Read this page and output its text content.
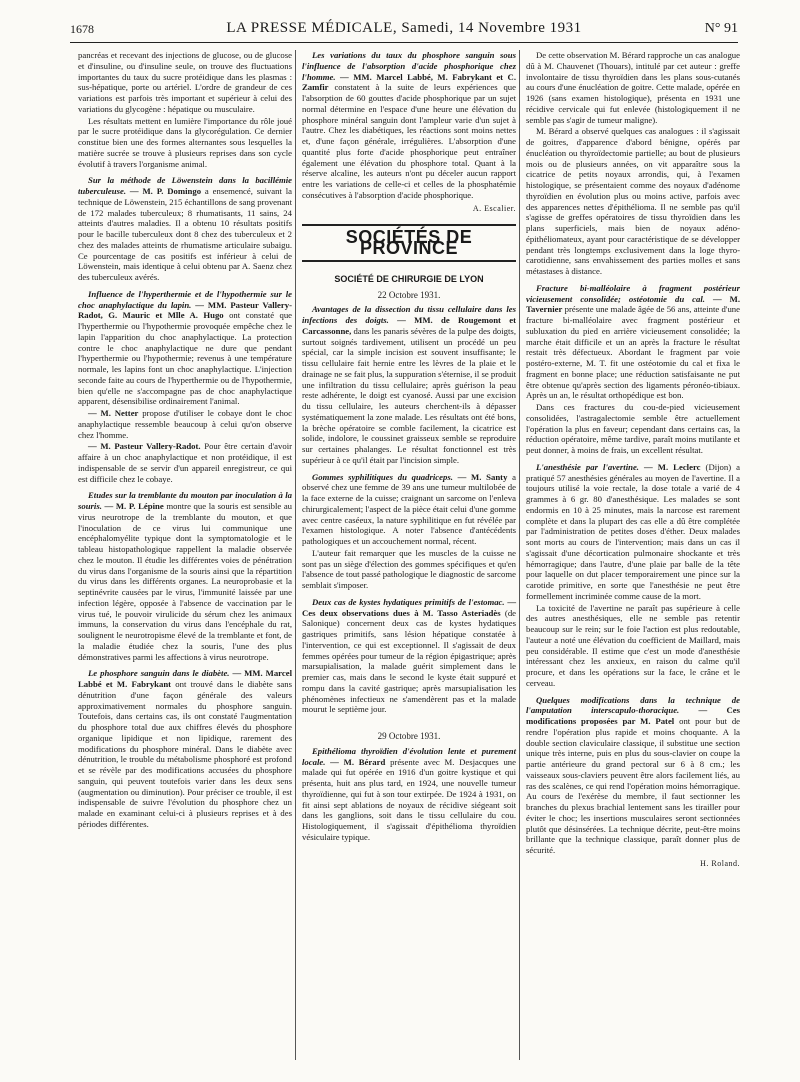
1678	LA PRESSE MÉDICALE, Samedi, 14 Novembre 1931	N° 91

pancréas et recevant des injections de glucose, ou de glucose et d'insuline, ou d'insuline seule, on trouve des fluctuations importantes du taux du sucre protéidique dans les plasmas : sus-hépatique, porte ou artériel. L'ordre de grandeur de ces variations est parfois très important et supérieur à celui des variations du glycogène : hépatique ou musculaire.

Les résultats mettent en lumière l'importance du rôle joué par le sucre protéidique dans la glycorégulation. Ce dernier constitue bien une des formes alternantes sous lesquelles la matière sucrée se trouve à plusieurs reprises dans son cycle évolutif à travers l'organisme animal.

Sur la méthode de Löwenstein dans la bacillémie tuberculeuse. — M. P. Domingo a ensemencé, suivant la technique de Löwenstein, 215 échantillons de sang provenant de 172 malades tuberculeux; 8 rhumatisants, 11 sains, 24 atteints d'autres maladies. Il a obtenu 10 résultats positifs pour le bacille tuberculeux dont 8 chez des tuberculeux et 2 chez des malades atteints de rhumatisme articulaire subaigu. Ce pourcentage de cas positifs est inférieur à celui de Löwenstein, mais identique à celui obtenu par A. Saenz chez des tuberculeux avérés.

Influence de l'hyperthermie et de l'hypothermie sur le choc anaphylactique du lapin. — MM. Pasteur Vallery-Radot, G. Mauric et Mlle A. Hugo ont constaté que l'hyperthermie ou l'hypothermie provoquée empêche chez le lapin l'apparition du choc anaphylactique. La protection contre le choc anaphylactique ne dure que pendant l'hyperthermie ou l'hypothermie; revenus à une température normale, les lapins font un choc anaphylactique. L'injection seconde faite au cours de l'hyperthermie ou de l'hypothermie, bien qu'elle ne s'accompagne pas de choc anaphylactique apparent, désensibilise ordinairement l'animal.

— M. Netter propose d'utiliser le cobaye dont le choc anaphylactique ressemble beaucoup à celui qu'on observe chez l'homme.

— M. Pasteur Vallery-Radot. Pour être certain d'avoir affaire à un choc anaphylactique et non protéidique, il est indispensable de se servir d'un appareil enregistreur, ce qui est difficile chez le cobaye.

Etudes sur la tremblante du mouton par inoculation à la souris. — M. P. Lépine montre que la souris est sensible au virus neurotrope de la tremblante du mouton, et que l'inoculation de ce virus lui communique une encéphalomyélite typique dont la symptomatologie et le tableau histopathologique rappellent la maladie observée chez le mouton. Il étudie les différentes voies de pénétration du virus dans l'organisme de la souris ainsi que la répartition du virus dans les différents organes. La neuroprobasie et la septinévrite causées par le virus, l'immunité laissée par une infection légère, opposée à l'absence de vaccination par le virus tué, le pouvoir virulicide du sérum chez les animaux immuns, la conservation du virus dans l'encéphale du rat, soulignent le neurotropisme élevé de la tremblante et font, de la maladie étudiée chez la souris, l'une des plus démonstratives parmi les affections à virus neurotrope.

Le phosphore sanguin dans le diabète. — MM. Marcel Labbé et M. Fabrykant ont trouvé dans le diabète sans dénutrition d'une façon générale des valeurs approximativement normales du phosphore sanguin. Toutefois, dans certains cas, ils ont constaté l'augmentation du phosphore total due aux chiffres élevés du phosphore organique lipidique et non lipidique, rarement des modifications du phosphore minéral. Dans le diabète avec dénutrition, le trouble du métabolisme phosphoré est profond et se révèle par des modifications accusées du phosphore sanguin, qui peuvent toutefois varier dans les deux sens (augmentation ou diminution). Pour préciser ce trouble, il est indispensable de suivre l'évolution du phosphore chez un malade en examinant celui-ci à plusieurs reprises et à des périodes différentes.

Les variations du taux du phosphore sanguin sous l'influence de l'absorption d'acide phosphorique chez l'homme. — MM. Marcel Labbé, M. Fabrykant et C. Zamfir constatent à la suite de leurs expériences que l'absorption de 60 gouttes d'acide phosphorique par un sujet normal détermine en l'espace d'une heure une élévation du phosphore minéral sanguin dont l'ampleur varie d'un sujet à l'autre. Chez les diabétiques, les réactions sont moins nettes et, d'une façon générale, irrégulières. L'absorption d'une quantité plus forte d'acide phosphorique peut entraîner également une élévation du phosphore total. Quant à la réserve alcaline, les auteurs n'ont pu déceler aucun rapport entre les variations de celle-ci et celles de la phosphatémie consécutives à l'absorption d'acide phosphorique.

A. Escalier.
SOCIÉTÉS DE PROVINCE
SOCIÉTÉ DE CHIRURGIE DE LYON
22 Octobre 1931.

Avantages de la dissection du tissu cellulaire dans les infections des doigts. — MM. de Rougemont et Carcassonne, dans les panaris sévères de la pulpe des doigts, surtout soignés tardivement, utilisent un procédé un peu spécial, car la simple incision est souvent insuffisante; le tissu cellulaire fait hernie entre les lèvres de la plaie et le drainage ne se fait plus, la suppuration s'éternise, il se produit une infiltration du tissu cellulaire; après guérison la peau reste adhérente, le doigt est cyanosé. Aussi par une excision du tissu cellulaire, les auteurs cherchent-ils à dépasser systématiquement la zone malade. Les résultats ont été bons, la brèche opératoire se comble facilement, la cicatrice est solide, indolore, le coussinet graisseux semble se reproduire sur certaines phalanges. Le résultat fonctionnel est très supérieur à ce qu'il était par l'incision simple.

Gommes syphilitiques du quadriceps. — M. Santy a observé chez une femme de 39 ans une tumeur multilobée de la face externe de la cuisse; craignant un sarcome on l'enleva chirurgicalement; l'aspect de la pièce était celui d'une gomme avec centre caséeux, la nature syphilitique en fut révélée par l'examen histologique. A noter l'absence d'antécédents pathologiques et un accouchement normal, récent.

L'auteur fait remarquer que les muscles de la cuisse ne sont pas un siège d'élection des gommes spécifiques et qu'en l'absence de tout passé pathologique le diagnostic de sarcome semblait s'imposer.

Deux cas de kystes hydatiques primitifs de l'estomac. — Ces deux observations dues à M. Tasso Asteriadès (de Salonique) concernent deux cas de kystes hydatiques gastriques primitifs, sans lésion hépatique constatée à l'intervention, ce qui est exceptionnel. Il s'agissait de deux femmes opérées pour tumeur de la région épigastrique; après marsupialisation, la malade guérit simplement dans le premier cas, mais dans le second le kyste était suppuré et rompu dans la cavité gastrique; après marsupialisation les phénomènes infectieux ne s'amendèrent pas et la malade mourut le septième jour.

29 Octobre 1931.

Epithélioma thyroïdien d'évolution lente et purement locale. — M. Bérard présente avec M. Desjacques une malade qui fut opérée en 1916 d'un goitre kystique et qui présenta, huit ans plus tard, en 1924, une nouvelle tumeur thyroïdienne, qui fut à son tour extirpée. De 1924 à 1931, on fit ainsi sept ablations de noyaux de récidive siégeant soit dans les ganglions, soit dans le tissu cellulaire du cou. Histologiquement, il s'agissait d'épithélioma thyroïdien vésiculaire typique.

De cette observation M. Bérard rapproche un cas analogue dû à M. Chauvenet (Thouars), intitulé par cet auteur : greffe involontaire de tissu thyroïdien dans les plans sous-cutanés au cours d'une énucléation de goitre. Cette malade, opérée en 1926 (sans examen histologique), présenta en 1931 une récidive cervicale qui fut enlevée (histologiquement il ne semble pas s'agir de tumeur maligne).

M. Bérard a observé quelques cas analogues : il s'agissait de goitres, d'apparence d'abord bénigne, opérés par énucléation ou thyroïdectomie partielle; au bout de plusieurs mois ou de plusieurs années, on vit apparaître sous la cicatrice de petits noyaux arrondis, qui, à l'examen histologique, se présentaient comme des noyaux d'adénome thyroïdien en évolution plus ou moins active, parfois avec des apparences nettes d'épithélioma. Il ne semble pas qu'il s'agisse de greffes opératoires de tissu thyroïdien dans les plans superficiels, mais bien de noyaux adéno-épithéliomateux, ayant pour caractéristique de se développer pendant très longtemps exclusivement dans la loge thyro-carotidienne, sans envahissement des parties molles et sans métastases à distance.

Fracture bi-malléolaire à fragment postérieur vicieusement consolidée; ostéotomie du cal. — M. Tavernier présente une malade âgée de 56 ans, atteinte d'une fracture bi-malléolaire avec fragment postérieur et subluxation du pied en arrière vicieusement consolidée; la marche était difficile et un an après la fracture le résultat restait très défectueux. Abordant le fragment par voie postéro-externe, M. T. fit une ostéotomie du cal et fixa le fragment en bonne place; une réduction satisfaisante ne put être obtenue qu'après section des ligaments péronéo-tibiaux. Après un an, le résultat orthopédique est bon.

Dans ces fractures du cou-de-pied vicieusement consolidées, l'astragalectomie semble être actuellement l'opération la plus en faveur; cependant dans certains cas, la réduction opératoire, même tardive, paraît moins mutilante et peut donner, à moins de frais, un excellent résultat.

L'anesthésie par l'avertine. — M. Leclerc (Dijon) a pratiqué 57 anesthésies générales au moyen de l'avertine. Il a toujours utilisé la voie rectale, la dose totale a varié de 4 grammes à 6 gr. 80 d'anesthésique. Les malades se sont endormis en 10 à 25 minutes, mais la narcose est rarement complète et dans la plupart des cas elle a dû être complétée par l'administration de petites doses d'éther. Deux malades sont morts au cours de l'intervention; mais dans un cas il s'agissait d'une décortication pulmonaire shockante et très hémorragique; dans l'autre, d'une plaie par balle de la tête pour laquelle on dut placer temporairement une pince sur la carotide primitive, en sorte que l'anesthésie ne peut être formellement incriminée comme cause de la mort.

La toxicité de l'avertine ne paraît pas supérieure à celle des autres anesthésiques, elle ne semble pas retentir beaucoup sur le rein; sur le foie l'action est plus redoutable, l'auteur a noté une élévation du coefficient de Maillard, mais peu considérable. Il estime que c'est un mode d'anesthésie intéressant chez les anxieux, en raison du calme qu'il procure, et dans les opérations sur la face, le crâne et le cerveau.

Quelques modifications dans la technique de l'amputation interscapulo-thoracique. — Ces modifications proposées par M. Patel ont pour but de rendre l'opération plus rapide et moins choquante. A la double section claviculaire classique, il substitue une section unique très interne, puis en plus du sous-clavier on coupe la partie antérieure du grand pectoral sur 6 à 8 cm.; les vaisseaux sous-claviers peuvent être alors facilement liés, au ras des scalènes, ce qui rend l'opération moins hémorragique. Au cours de l'exérèse du membre, il faut sectionner les branches du plexus brachial lentement sans les tirailler pour éviter le choc; les insertions musculaires seront sectionnées plutôt que désinsérées. La technique décrite, peut-être moins brillante que la technique classique, paraît donner plus de sécurité.

H. Roland.
